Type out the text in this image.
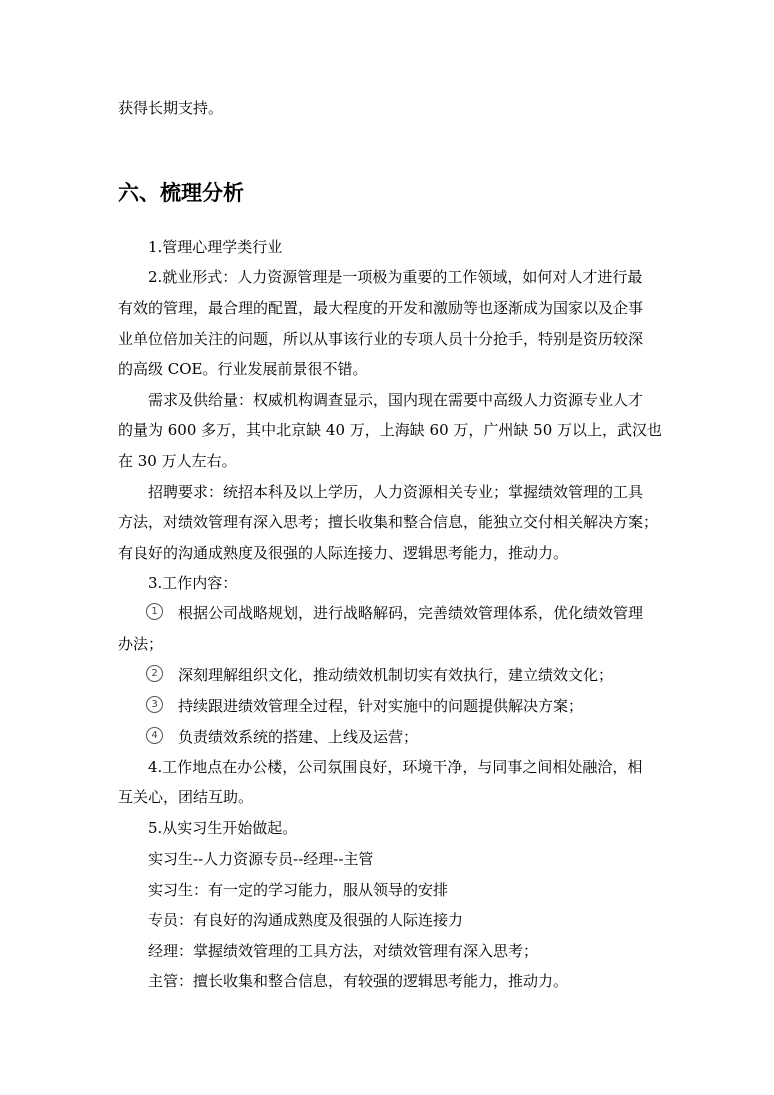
获得长期支持。
六、梳理分析
1.管理心理学类行业
2.就业形式：人力资源管理是一项极为重要的工作领域，如何对人才进行最
有效的管理，最合理的配置，最大程度的开发和激励等也逐渐成为国家以及企事
业单位倍加关注的问题，所以从事该行业的专项人员十分抢手，特别是资历较深
的高级 COE。行业发展前景很不错。
需求及供给量：权威机构调查显示，国内现在需要中高级人力资源专业人才
的量为 600 多万，其中北京缺 40 万，上海缺 60 万，广州缺 50 万以上，武汉也
在 30 万人左右。
招聘要求：统招本科及以上学历，人力资源相关专业；掌握绩效管理的工具
方法，对绩效管理有深入思考；擅长收集和整合信息，能独立交付相关解决方案；
有良好的沟通成熟度及很强的人际连接力、逻辑思考能力，推动力。
3.工作内容：
1	根据公司战略规划，进行战略解码，完善绩效管理体系，优化绩效管理
办法；
2	深刻理解组织文化，推动绩效机制切实有效执行，建立绩效文化；
3	持续跟进绩效管理全过程，针对实施中的问题提供解决方案；
4	负责绩效系统的搭建、上线及运营；
4.工作地点在办公楼，公司氛围良好，环境干净，与同事之间相处融洽，相
互关心，团结互助。
5.从实习生开始做起。
实习生--人力资源专员--经理--主管
实习生：有一定的学习能力，服从领导的安排
专员：有良好的沟通成熟度及很强的人际连接力
经理：掌握绩效管理的工具方法，对绩效管理有深入思考；
主管：擅长收集和整合信息，有较强的逻辑思考能力，推动力。
